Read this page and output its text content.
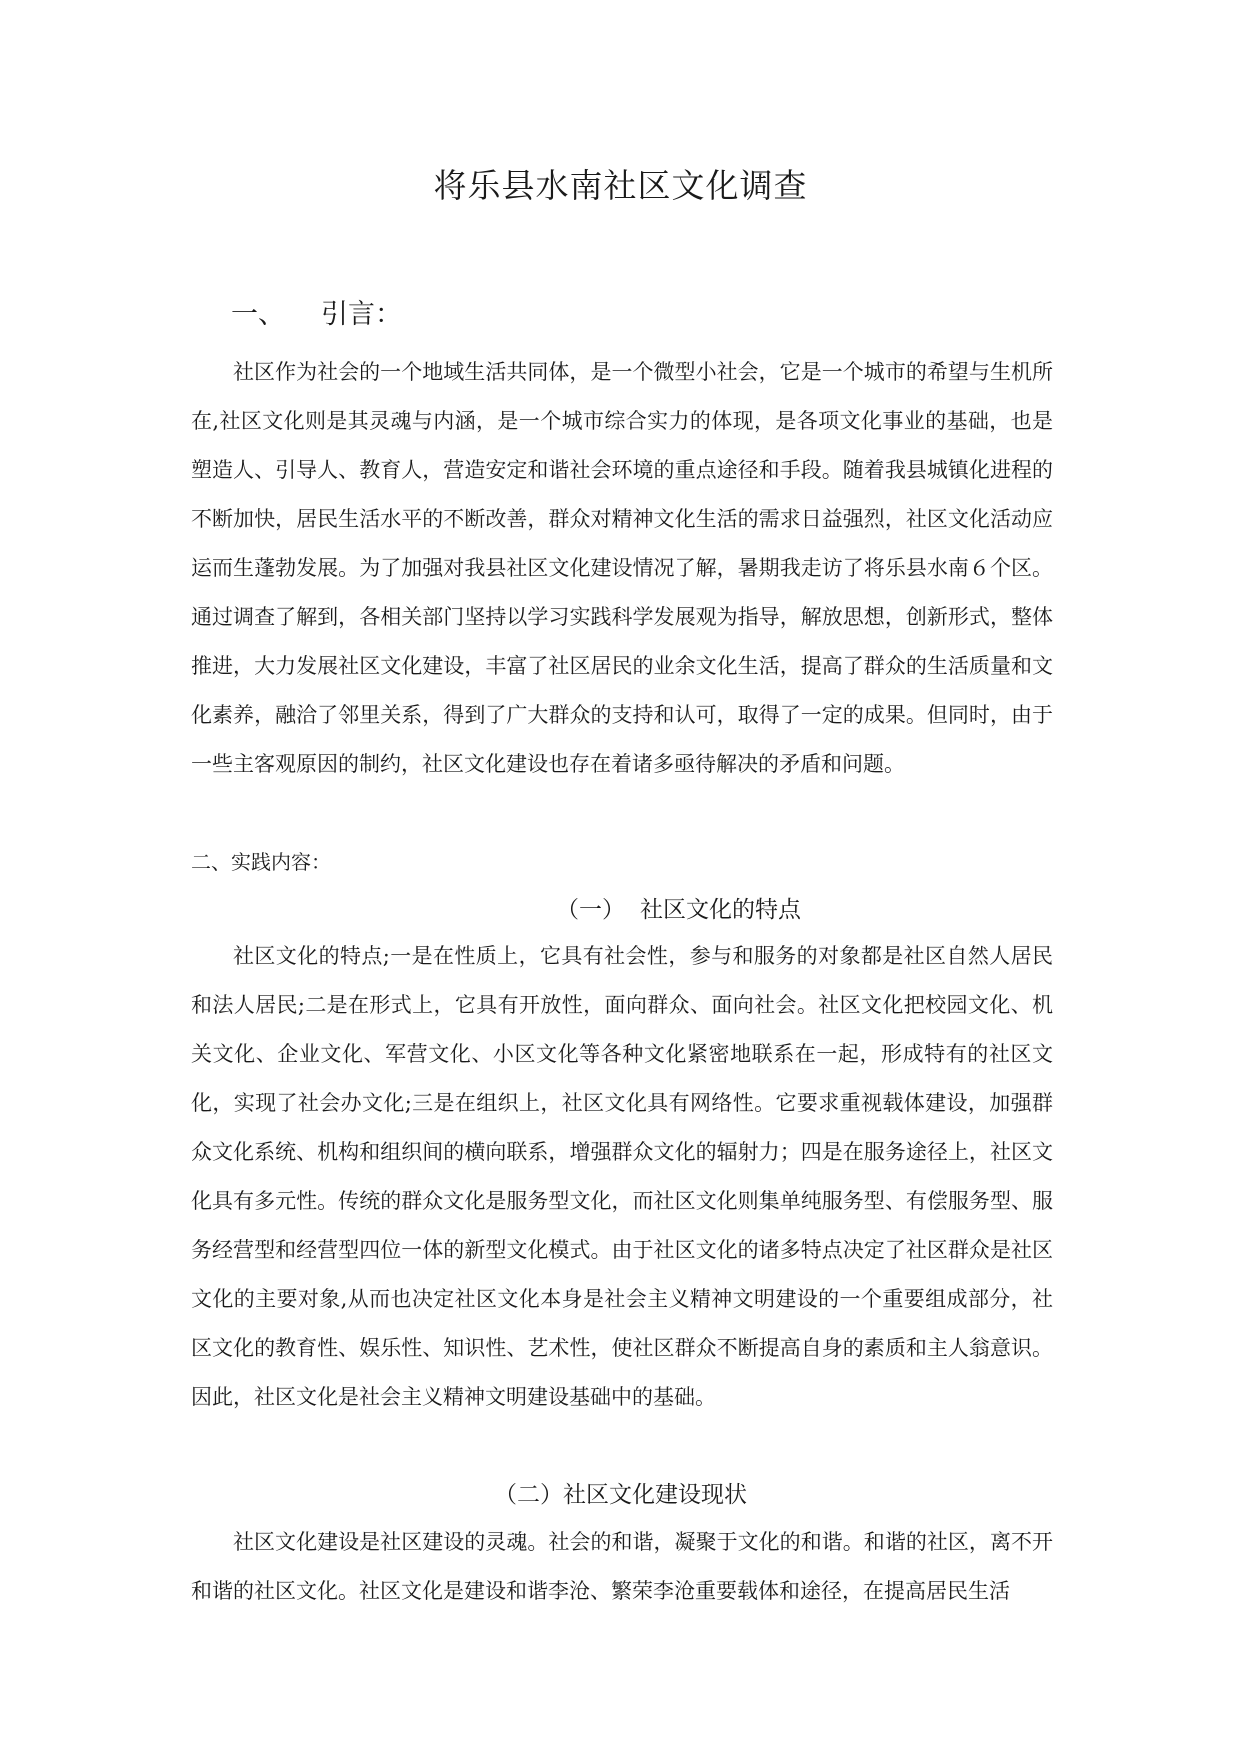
将乐县水南社区文化调查
一、 引言：

社区作为社会的一个地域生活共同体，是一个微型小社会，它是一个城市的希望与生机所在,社区文化则是其灵魂与内涵，是一个城市综合实力的体现，是各项文化事业的基础，也是塑造人、引导人、教育人，营造安定和谐社会环境的重点途径和手段。随着我县城镇化进程的不断加快，居民生活水平的不断改善，群众对精神文化生活的需求日益强烈，社区文化活动应运而生蓬勃发展。为了加强对我县社区文化建设情况了解，暑期我走访了将乐县水南６个区。通过调查了解到，各相关部门坚持以学习实践科学发展观为指导，解放思想，创新形式，整体推进，大力发展社区文化建设，丰富了社区居民的业余文化生活，提高了群众的生活质量和文化素养，融洽了邻里关系，得到了广大群众的支持和认可，取得了一定的成果。但同时，由于一些主客观原因的制约，社区文化建设也存在着诸多亟待解决的矛盾和问题。

二、实践内容：
（一） 社区文化的特点

社区文化的特点;一是在性质上，它具有社会性，参与和服务的对象都是社区自然人居民和法人居民;二是在形式上，它具有开放性，面向群众、面向社会。社区文化把校园文化、机关文化、企业文化、军营文化、小区文化等各种文化紧密地联系在一起，形成特有的社区文化，实现了社会办文化;三是在组织上，社区文化具有网络性。它要求重视载体建设，加强群众文化系统、机构和组织间的横向联系，增强群众文化的辐射力；四是在服务途径上，社区文化具有多元性。传统的群众文化是服务型文化，而社区文化则集单纯服务型、有偿服务型、服务经营型和经营型四位一体的新型文化模式。由于社区文化的诸多特点决定了社区群众是社区文化的主要对象,从而也决定社区文化本身是社会主义精神文明建设的一个重要组成部分，社区文化的教育性、娱乐性、知识性、艺术性，使社区群众不断提高自身的素质和主人翁意识。因此，社区文化是社会主义精神文明建设基础中的基础。

（二）社区文化建设现状

社区文化建设是社区建设的灵魂。社会的和谐，凝聚于文化的和谐。和谐的社区，离不开和谐的社区文化。社区文化是建设和谐李沧、繁荣李沧重要载体和途径，在提高居民生活
